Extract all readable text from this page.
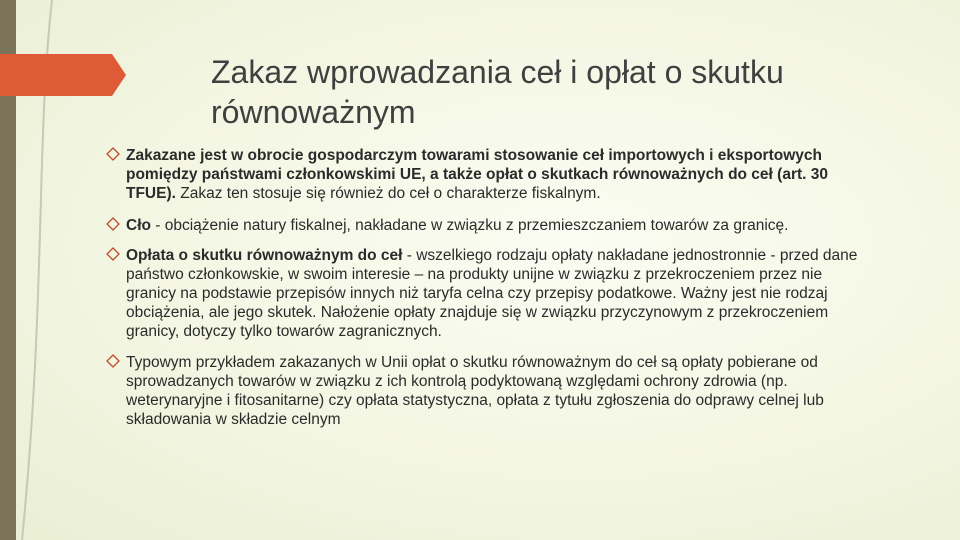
Zakaz wprowadzania ceł i opłat o skutku równoważnym
Zakazane jest w obrocie gospodarczym towarami stosowanie ceł importowych i eksportowych pomiędzy państwami członkowskimi UE, a także opłat o skutkach równoważnych do ceł (art. 30 TFUE). Zakaz ten stosuje się również do ceł o charakterze fiskalnym.
Cło - obciążenie natury fiskalnej, nakładane w związku z przemieszczaniem towarów za granicę.
Opłata o skutku równoważnym do ceł - wszelkiego rodzaju opłaty nakładane jednostronnie - przed dane państwo członkowskie, w swoim interesie – na produkty unijne w związku z przekroczeniem przez nie granicy na podstawie przepisów innych niż taryfa celna czy przepisy podatkowe. Ważny jest nie rodzaj obciążenia, ale jego skutek. Nałożenie opłaty znajduje się w związku przyczynowym z przekroczeniem granicy, dotyczy tylko towarów zagranicznych.
Typowym przykładem zakazanych w Unii opłat o skutku równoważnym do ceł są opłaty pobierane od sprowadzanych towarów w związku z ich kontrolą podyktowaną względami ochrony zdrowia (np. weterynaryjne i fitosanitarne) czy opłata statystyczna, opłata z tytułu zgłoszenia do odprawy celnej lub składowania w składzie celnym
